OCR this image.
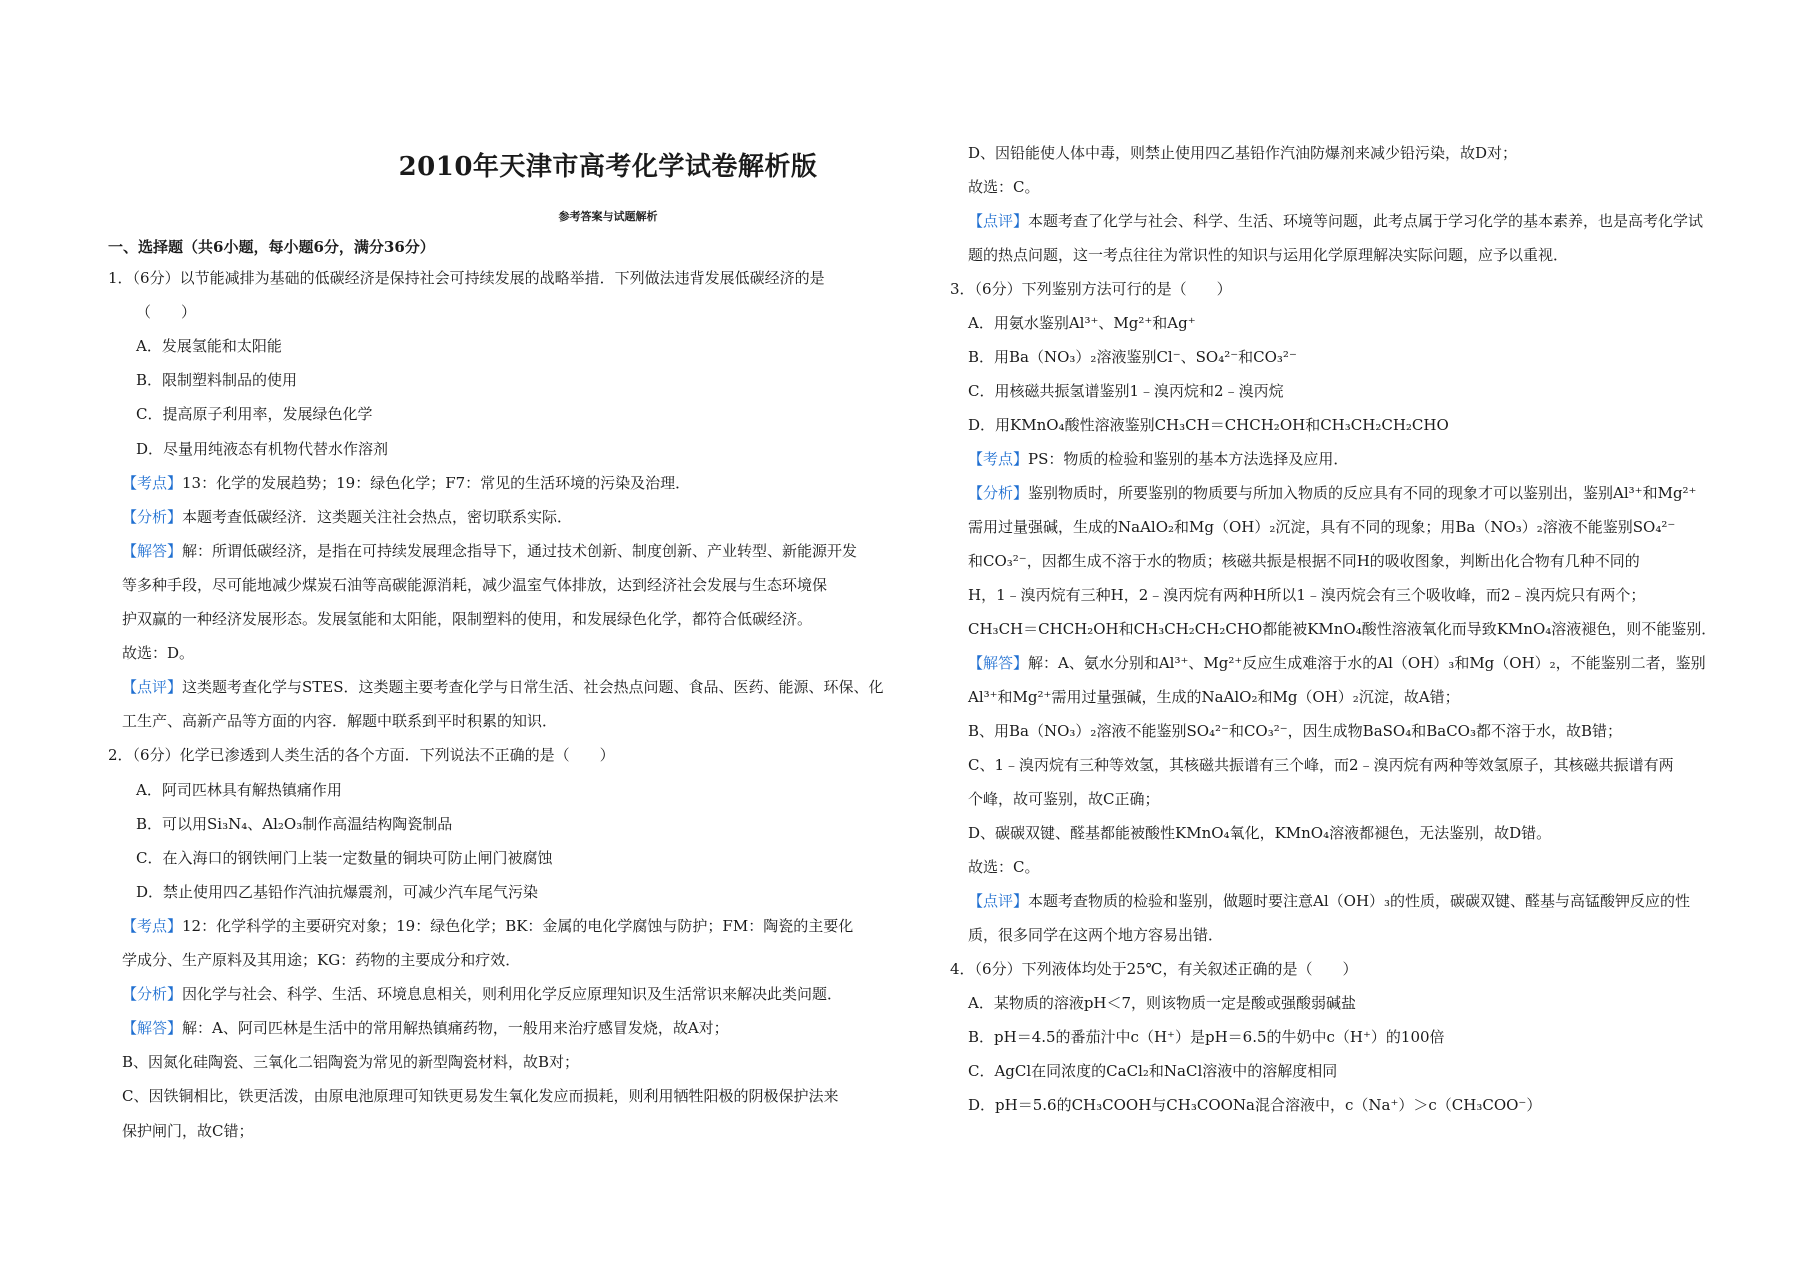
2010年天津市高考化学试卷解析版
参考答案与试题解析
一、选择题（共6小题，每小题6分，满分36分）
1．（6分）以节能减排为基础的低碳经济是保持社会可持续发展的战略举措．下列做法违背发展低碳经济的是
（　　）
A．发展氢能和太阳能
B．限制塑料制品的使用
C．提高原子利用率，发展绿色化学
D．尽量用纯液态有机物代替水作溶剂
【考点】13：化学的发展趋势；19：绿色化学；F7：常见的生活环境的污染及治理．
【分析】本题考查低碳经济．这类题关注社会热点，密切联系实际．
【解答】解：所谓低碳经济，是指在可持续发展理念指导下，通过技术创新、制度创新、产业转型、新能源开发
等多种手段，尽可能地减少煤炭石油等高碳能源消耗，减少温室气体排放，达到经济社会发展与生态环境保
护双赢的一种经济发展形态。发展氢能和太阳能，限制塑料的使用，和发展绿色化学，都符合低碳经济。
故选：D。
【点评】这类题考查化学与STES．这类题主要考查化学与日常生活、社会热点问题、食品、医药、能源、环保、化
工生产、高新产品等方面的内容．解题中联系到平时积累的知识．
2．（6分）化学已渗透到人类生活的各个方面．下列说法不正确的是（　　）
A．阿司匹林具有解热镇痛作用
B．可以用Si₃N₄、Al₂O₃制作高温结构陶瓷制品
C．在入海口的钢铁闸门上装一定数量的铜块可防止闸门被腐蚀
D．禁止使用四乙基铅作汽油抗爆震剂，可减少汽车尾气污染
【考点】12：化学科学的主要研究对象；19：绿色化学；BK：金属的电化学腐蚀与防护；FM：陶瓷的主要化
学成分、生产原料及其用途；KG：药物的主要成分和疗效．
【分析】因化学与社会、科学、生活、环境息息相关，则利用化学反应原理知识及生活常识来解决此类问题．
【解答】解：A、阿司匹林是生活中的常用解热镇痛药物，一般用来治疗感冒发烧，故A对；
B、因氮化硅陶瓷、三氧化二铝陶瓷为常见的新型陶瓷材料，故B对；
C、因铁铜相比，铁更活泼，由原电池原理可知铁更易发生氧化发应而损耗，则利用牺牲阳极的阴极保护法来
保护闸门，故C错；
D、因铅能使人体中毒，则禁止使用四乙基铅作汽油防爆剂来减少铅污染，故D对；
故选：C。
【点评】本题考查了化学与社会、科学、生活、环境等问题，此考点属于学习化学的基本素养，也是高考化学试
题的热点问题，这一考点往往为常识性的知识与运用化学原理解决实际问题，应予以重视．
3．（6分）下列鉴别方法可行的是（　　）
A．用氨水鉴别Al³⁺、Mg²⁺和Ag⁺
B．用Ba（NO₃）₂溶液鉴别Cl⁻、SO₄²⁻和CO₃²⁻
C．用核磁共振氢谱鉴别1﹣溴丙烷和2﹣溴丙烷
D．用KMnO₄酸性溶液鉴别CH₃CH＝CHCH₂OH和CH₃CH₂CH₂CHO
【考点】PS：物质的检验和鉴别的基本方法选择及应用．
【分析】鉴别物质时，所要鉴别的物质要与所加入物质的反应具有不同的现象才可以鉴别出，鉴别Al³⁺和Mg²⁺
需用过量强碱，生成的NaAlO₂和Mg（OH）₂沉淀，具有不同的现象；用Ba（NO₃）₂溶液不能鉴别SO₄²⁻
和CO₃²⁻，因都生成不溶于水的物质；核磁共振是根据不同H的吸收图象，判断出化合物有几种不同的
H，1﹣溴丙烷有三种H，2﹣溴丙烷有两种H所以1﹣溴丙烷会有三个吸收峰，而2﹣溴丙烷只有两个；
CH₃CH＝CHCH₂OH和CH₃CH₂CH₂CHO都能被KMnO₄酸性溶液氧化而导致KMnO₄溶液褪色，则不能鉴别．
【解答】解：A、氨水分别和Al³⁺、Mg²⁺反应生成难溶于水的Al（OH）₃和Mg（OH）₂，不能鉴别二者，鉴别
Al³⁺和Mg²⁺需用过量强碱，生成的NaAlO₂和Mg（OH）₂沉淀，故A错；
B、用Ba（NO₃）₂溶液不能鉴别SO₄²⁻和CO₃²⁻，因生成物BaSO₄和BaCO₃都不溶于水，故B错；
C、1﹣溴丙烷有三种等效氢，其核磁共振谱有三个峰，而2﹣溴丙烷有两种等效氢原子，其核磁共振谱有两
个峰，故可鉴别，故C正确；
D、碳碳双键、醛基都能被酸性KMnO₄氧化，KMnO₄溶液都褪色，无法鉴别，故D错。
故选：C。
【点评】本题考查物质的检验和鉴别，做题时要注意Al（OH）₃的性质，碳碳双键、醛基与高锰酸钾反应的性
质，很多同学在这两个地方容易出错．
4．（6分）下列液体均处于25℃，有关叙述正确的是（　　）
A．某物质的溶液pH＜7，则该物质一定是酸或强酸弱碱盐
B．pH＝4.5的番茄汁中c（H⁺）是pH＝6.5的牛奶中c（H⁺）的100倍
C．AgCl在同浓度的CaCl₂和NaCl溶液中的溶解度相同
D．pH＝5.6的CH₃COOH与CH₃COONa混合溶液中，c（Na⁺）＞c（CH₃COO⁻）
